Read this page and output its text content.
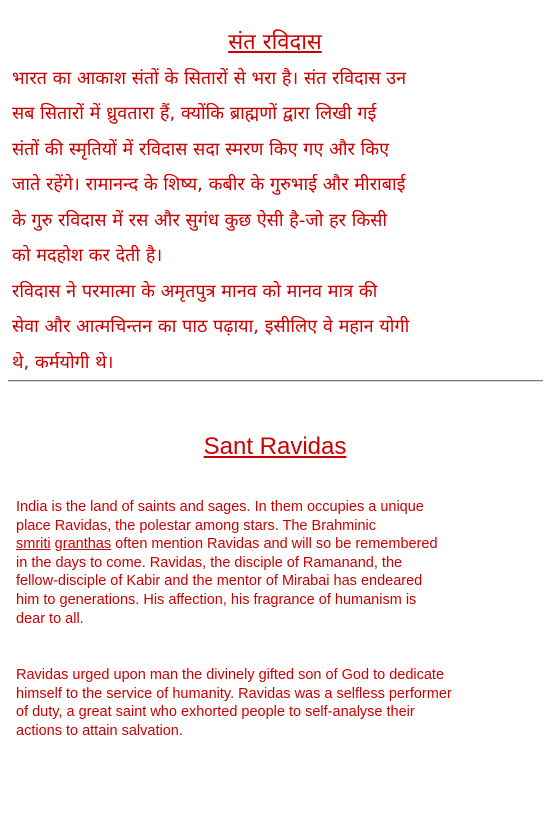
संत रविदास
भारत का आकाश संतों के सितारों से भरा है। संत रविदास उन
सब सितारों में ध्रुवतारा हैं, क्योंकि ब्राह्मणों द्वारा लिखी गई
संतों की स्मृतियों में रविदास सदा स्मरण किए गए और किए
जाते रहेंगे। रामानन्द के शिष्य, कबीर के गुरुभाई और मीराबाई
के गुरु रविदास में रस और सुगंध कुछ ऐसी है-जो हर किसी
को मदहोश कर देती है।
रविदास ने परमात्मा के अमृतपुत्र मानव को मानव मात्र की
सेवा और आत्मचिन्तन का पाठ पढ़ाया, इसीलिए वे महान योगी
थे, कर्मयोगी थे।
Sant Ravidas
India is the land of saints and sages. In them occupies a unique
place Ravidas, the polestar among stars. The Brahminic
smriti granthas often mention Ravidas and will so be remembered
in the days to come. Ravidas, the disciple of Ramanand, the
fellow-disciple of Kabir and the mentor of Mirabai has endeared
him to generations. His affection, his fragrance of humanism is
dear to all.
Ravidas urged upon man the divinely gifted son of God to dedicate
himself to the service of humanity. Ravidas was a selfless performer
of duty, a great saint who exhorted people to self-analyse their
actions to attain salvation.
